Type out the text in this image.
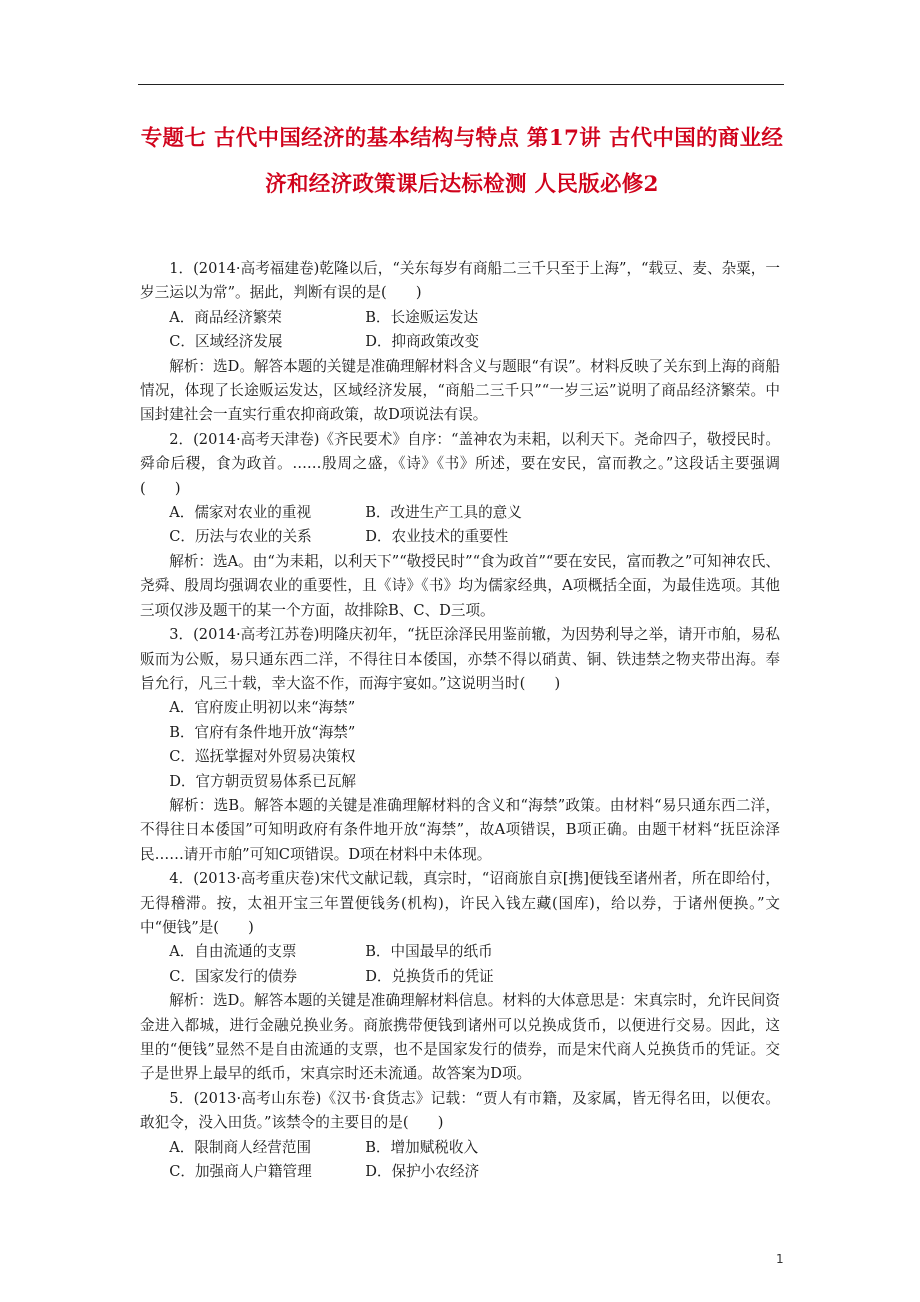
专题七 古代中国经济的基本结构与特点 第17讲 古代中国的商业经济和经济政策课后达标检测 人民版必修2

1．(2014·高考福建卷)乾隆以后，“关东每岁有商船二三千只至于上海”，“载豆、麦、杂粟，一岁三运以为常”。据此，判断有误的是(　　)

A．商品经济繁荣	B．长途贩运发达

C．区域经济发展	D．抑商政策改变

解析：选D。解答本题的关键是准确理解材料含义与题眼“有误”。材料反映了关东到上海的商船情况，体现了长途贩运发达，区域经济发展，“商船二三千只”“一岁三运”说明了商品经济繁荣。中国封建社会一直实行重农抑商政策，故D项说法有误。

2．(2014·高考天津卷)《齐民要术》自序：“盖神农为耒耜，以利天下。尧命四子，敬授民时。舜命后稷，食为政首。……殷周之盛，《诗》《书》所述，要在安民，富而教之。”这段话主要强调(　　)

A．儒家对农业的重视	B．改进生产工具的意义

C．历法与农业的关系	D．农业技术的重要性

解析：选A。由“为耒耜，以利天下”“敬授民时”“食为政首”“要在安民，富而教之”可知神农氏、尧舜、殷周均强调农业的重要性，且《诗》《书》均为儒家经典，A项概括全面，为最佳选项。其他三项仅涉及题干的某一个方面，故排除B、C、D三项。

3．(2014·高考江苏卷)明隆庆初年，“抚臣涂泽民用鉴前辙，为因势利导之举，请开市舶，易私贩而为公贩，易只通东西二洋，不得往日本倭国，亦禁不得以硝黄、铜、铁违禁之物夹带出海。奉旨允行，凡三十载，幸大盗不作，而海宇宴如。”这说明当时(　　)

A．官府废止明初以来“海禁”

B．官府有条件地开放“海禁”

C．巡抚掌握对外贸易决策权

D．官方朝贡贸易体系已瓦解

解析：选B。解答本题的关键是准确理解材料的含义和“海禁”政策。由材料“易只通东西二洋，不得往日本倭国”可知明政府有条件地开放“海禁”，故A项错误，B项正确。由题干材料“抚臣涂泽民……请开市舶”可知C项错误。D项在材料中未体现。

4．(2013·高考重庆卷)宋代文献记载，真宗时，“诏商旅自京[携]便钱至诸州者，所在即给付，无得稽滞。按，太祖开宝三年置便钱务(机构)，许民入钱左藏(国库)，给以券，于诸州便换。”文中“便钱”是(　　)

A．自由流通的支票	B．中国最早的纸币

C．国家发行的债券	D．兑换货币的凭证

解析：选D。解答本题的关键是准确理解材料信息。材料的大体意思是：宋真宗时，允许民间资金进入都城，进行金融兑换业务。商旅携带便钱到诸州可以兑换成货币，以便进行交易。因此，这里的“便钱”显然不是自由流通的支票，也不是国家发行的债券，而是宋代商人兑换货币的凭证。交子是世界上最早的纸币，宋真宗时还未流通。故答案为D项。

5．(2013·高考山东卷)《汉书·食货志》记载：“贾人有市籍，及家属，皆无得名田，以便农。敢犯令，没入田货。”该禁令的主要目的是(　　)

A．限制商人经营范围	B．增加赋税收入

C．加强商人户籍管理	D．保护小农经济

1
